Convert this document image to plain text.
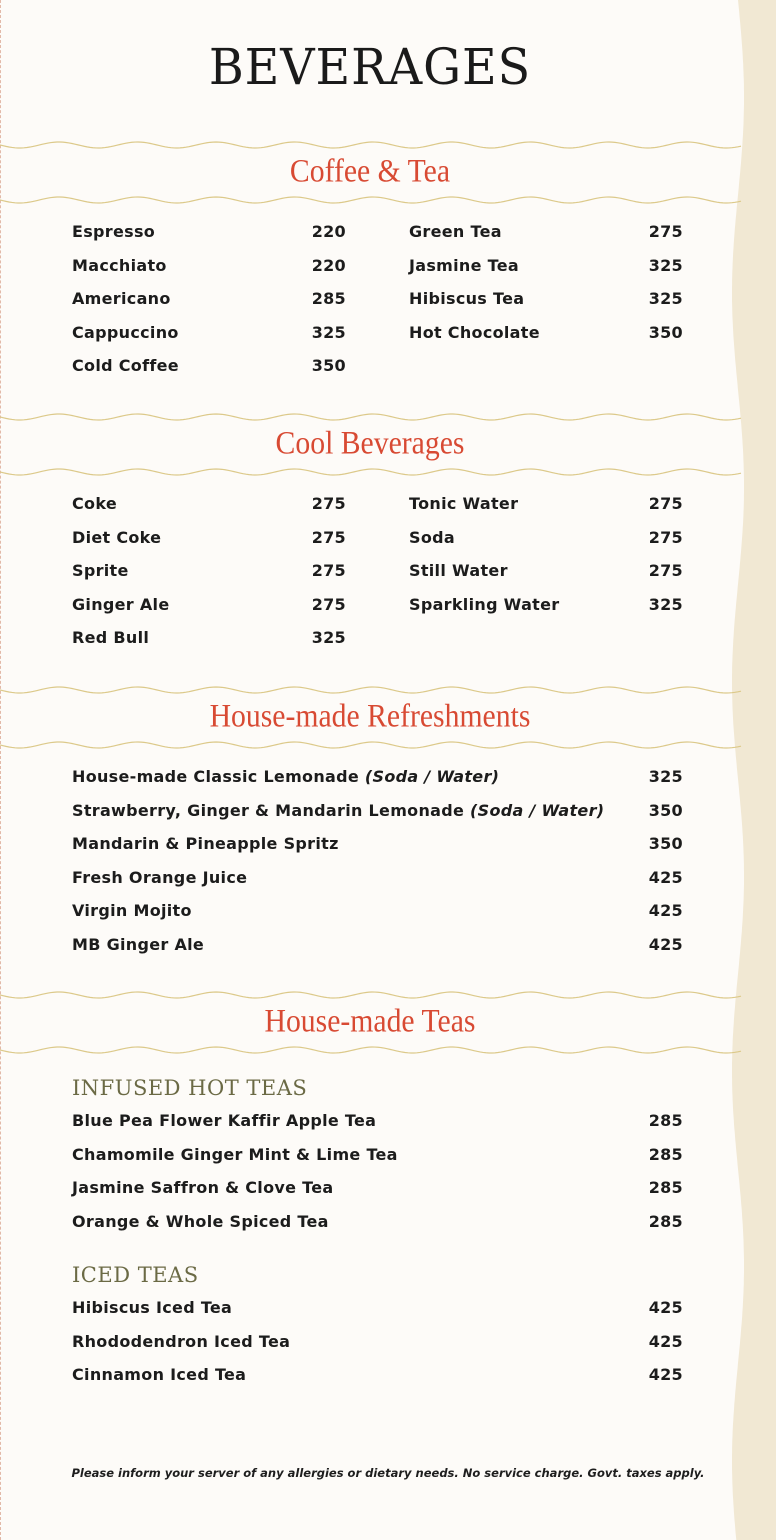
BEVERAGES
Coffee & Tea
Espresso	220
Macchiato	220
Americano	285
Cappuccino	325
Cold Coffee	350
Green Tea	275
Jasmine Tea	325
Hibiscus Tea	325
Hot Chocolate	350
Cool Beverages
Coke	275
Diet Coke	275
Sprite	275
Ginger Ale	275
Red Bull	325
Tonic Water	275
Soda	275
Still Water	275
Sparkling Water	325
House-made Refreshments
House-made Classic Lemonade (Soda / Water)	325
Strawberry, Ginger & Mandarin Lemonade (Soda / Water)	350
Mandarin & Pineapple Spritz	350
Fresh Orange Juice	425
Virgin Mojito	425
MB Ginger Ale	425
House-made Teas
INFUSED HOT TEAS
Blue Pea Flower Kaffir Apple Tea	285
Chamomile Ginger Mint & Lime Tea	285
Jasmine Saffron & Clove Tea	285
Orange & Whole Spiced Tea	285
ICED TEAS
Hibiscus Iced Tea	425
Rhododendron Iced Tea	425
Cinnamon Iced Tea	425
Please inform your server of any allergies or dietary needs. No service charge. Govt. taxes apply.
